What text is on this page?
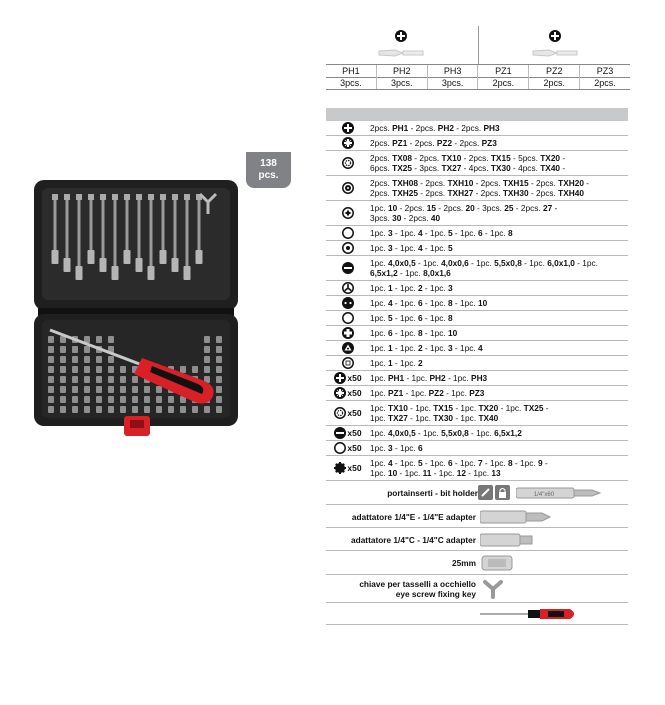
138
pcs.
PH1	PH2	PH3	PZ1	PZ2	PZ3
3pcs.	3pcs.	3pcs.	2pcs.	2pcs.	2pcs.
2pcs. PH1 - 2pcs. PH2 - 2pcs. PH3
2pcs. PZ1 - 2pcs. PZ2 - 2pcs. PZ3
2pcs. TX08 - 2pcs. TX10 - 2pcs. TX15 - 5pcs. TX20 -
6pcs. TX25 - 3pcs. TX27 - 4pcs. TX30 - 4pcs. TX40 -
2pcs. TXH08 - 2pcs. TXH10 - 2pcs. TXH15 - 2pcs. TXH20 -
2pcs. TXH25 - 2pcs. TXH27 - 2pcs. TXH30 - 2pcs. TXH40
1pc. 10 - 2pcs. 15 - 2pcs. 20 - 3pcs. 25 - 2pcs. 27 -
3pcs. 30 - 2pcs. 40
1pc. 3 - 1pc. 4 - 1pc. 5 - 1pc. 6 - 1pc. 8
1pc. 3 - 1pc. 4 - 1pc. 5
1pc. 4,0x0,5 - 1pc. 4,0x0,6 - 1pc. 5,5x0,8 - 1pc. 6,0x1,0 - 1pc.
6,5x1,2 - 1pc. 8,0x1,6
1pc. 1 - 1pc. 2 - 1pc. 3
1pc. 4 - 1pc. 6 - 1pc. 8 - 1pc. 10
1pc. 5 - 1pc. 6 - 1pc. 8
1pc. 6 - 1pc. 8 - 1pc. 10
1pc. 1 - 1pc. 2 - 1pc. 3 - 1pc. 4
1pc. 1 - 1pc. 2
x50 1pc. PH1 - 1pc. PH2 - 1pc. PH3
x50 1pc. PZ1 - 1pc. PZ2 - 1pc. PZ3
x50
1pc. TX10 - 1pc. TX15 - 1pc. TX20 - 1pc. TX25 -
1pc. TX27 - 1pc. TX30 - 1pc. TX40
x50 1pc. 4,0x0,5 - 1pc. 5,5x0,8 - 1pc. 6,5x1,2
x50 1pc. 3 - 1pc. 6
x50
1pc. 4 - 1pc. 5 - 1pc. 6 - 1pc. 7 - 1pc. 8 - 1pc. 9 -
1pc. 10 - 1pc. 11 - 1pc. 12 - 1pc. 13
portainserti - bit holder	1/4"x60
adattatore 1/4"E - 1/4"E adapter
adattatore 1/4"C - 1/4"C adapter
25mm
chiave per tasselli a occhiello
eye screw fixing key
